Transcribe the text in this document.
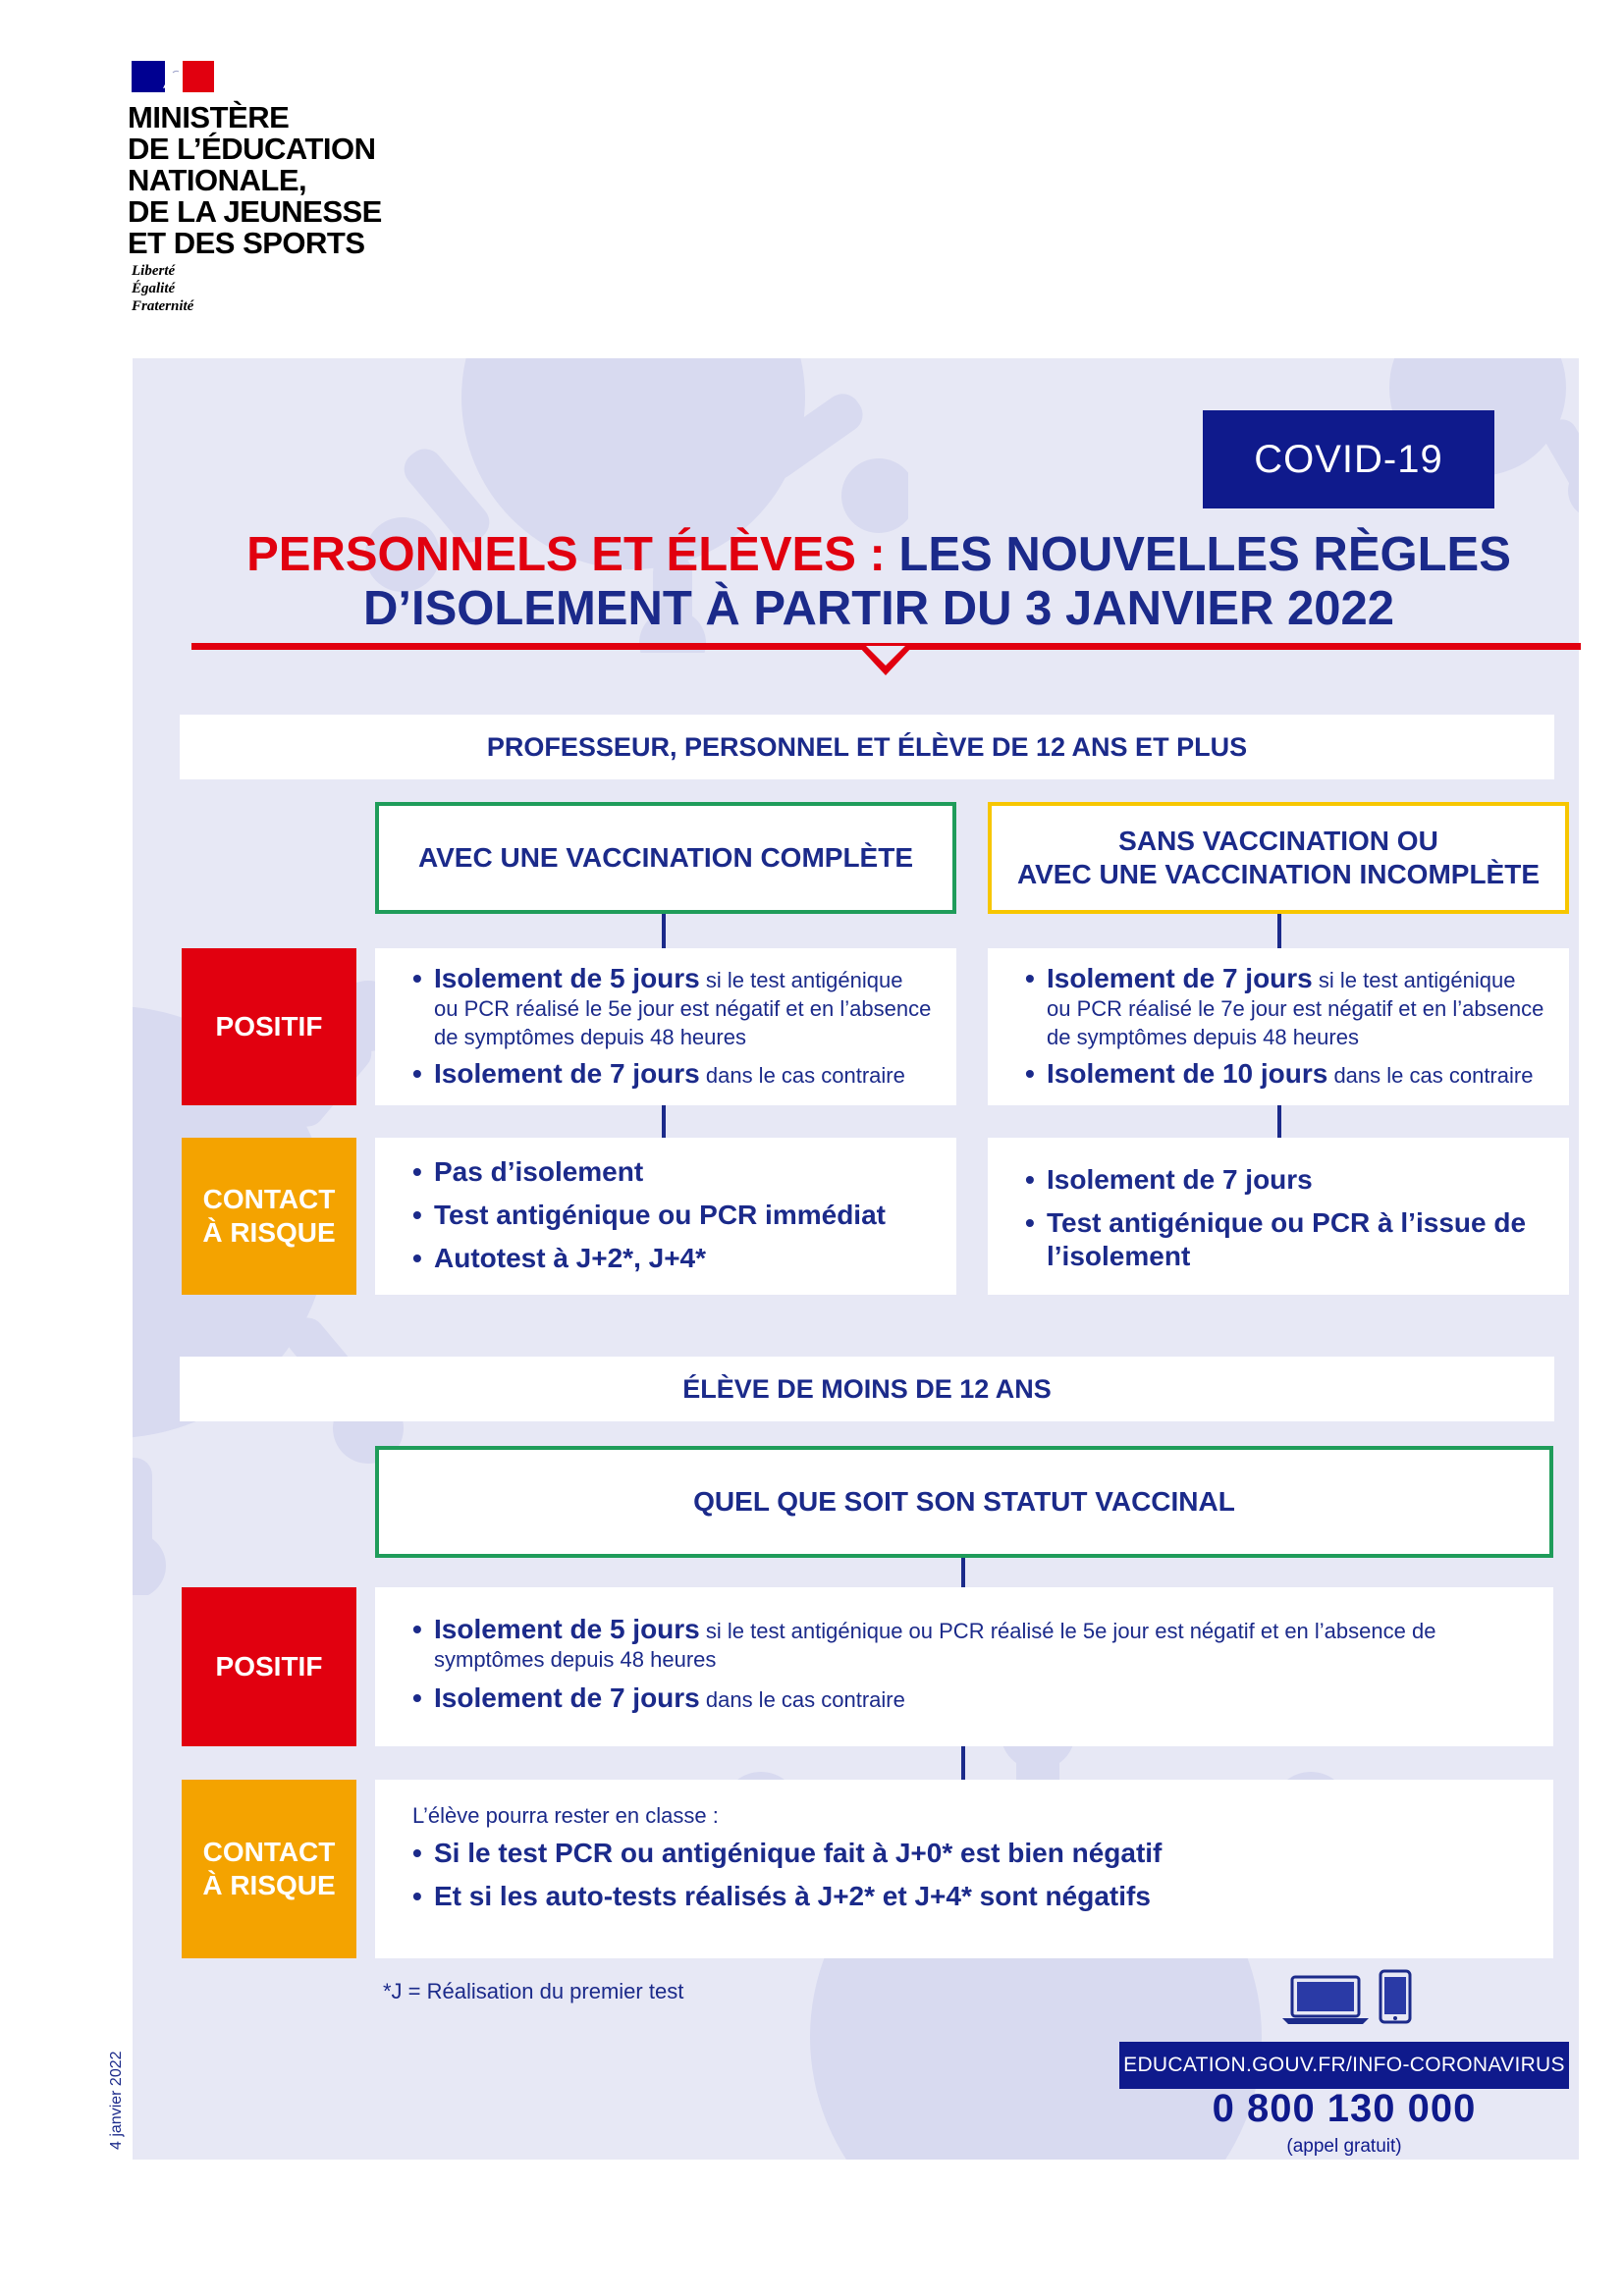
MINISTÈRE
DE L’ÉDUCATION
NATIONALE,
DE LA JEUNESSE
ET DES SPORTS
Liberté
Égalité
Fraternité
4 janvier 2022
COVID-19
PERSONNELS ET ÉLÈVES : LES NOUVELLES RÈGLES
D’ISOLEMENT À PARTIR DU 3 JANVIER 2022
PROFESSEUR, PERSONNEL ET ÉLÈVE DE 12 ANS ET PLUS
AVEC UNE VACCINATION COMPLÈTE
SANS VACCINATION OU
AVEC UNE VACCINATION INCOMPLÈTE
POSITIF
• Isolement de 5 jours si le test antigénique ou PCR réalisé le 5e jour est négatif et en l’absence de symptômes depuis 48 heures
• Isolement de 7 jours dans le cas contraire
• Isolement de 7 jours si le test antigénique ou PCR réalisé le 7e jour est négatif et en l’absence de symptômes depuis 48 heures
• Isolement de 10 jours dans le cas contraire
CONTACT
À RISQUE
• Pas d’isolement
• Test antigénique ou PCR immédiat
• Autotest à J+2*, J+4*
• Isolement de 7 jours
• Test antigénique ou PCR à l’issue de l’isolement
ÉLÈVE DE MOINS DE 12 ANS
QUEL QUE SOIT SON STATUT VACCINAL
POSITIF
• Isolement de 5 jours si le test antigénique ou PCR réalisé le 5e jour est négatif et en l’absence de symptômes depuis 48 heures
• Isolement de 7 jours dans le cas contraire
CONTACT
À RISQUE
L’élève pourra rester en classe :
• Si le test PCR ou antigénique fait à J+0* est bien négatif
• Et si les auto-tests réalisés à J+2* et J+4* sont négatifs
*J = Réalisation du premier test
EDUCATION.GOUV.FR/INFO-CORONAVIRUS
0 800 130 000
(appel gratuit)
